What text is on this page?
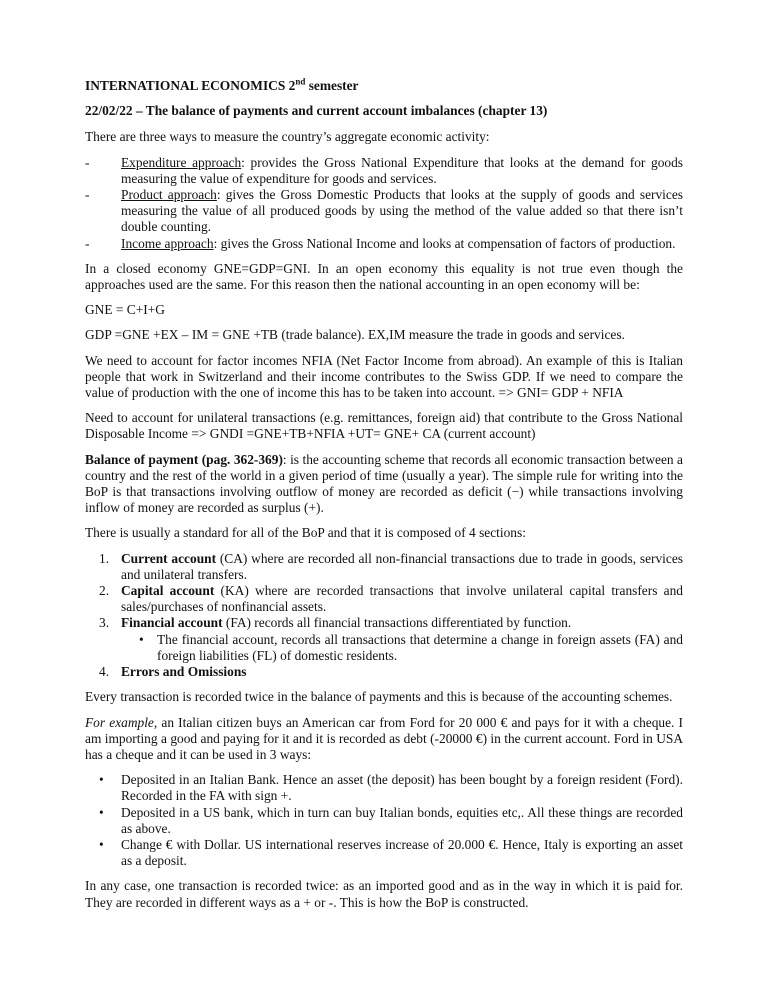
INTERNATIONAL ECONOMICS 2nd semester

22/02/22 – The balance of payments and current account imbalances (chapter 13)

There are three ways to measure the country’s aggregate economic activity:

- Expenditure approach: provides the Gross National Expenditure that looks at the demand for goods measuring the value of expenditure for goods and services.
- Product approach: gives the Gross Domestic Products that looks at the supply of goods and services measuring the value of all produced goods by using the method of the value added so that there isn’t double counting.
- Income approach: gives the Gross National Income and looks at compensation of factors of production.

In a closed economy GNE=GDP=GNI. In an open economy this equality is not true even though the approaches used are the same. For this reason then the national accounting in an open economy will be:

GNE = C+I+G

GDP =GNE +EX – IM = GNE +TB (trade balance). EX,IM measure the trade in goods and services.

We need to account for factor incomes NFIA (Net Factor Income from abroad). An example of this is Italian people that work in Switzerland and their income contributes to the Swiss GDP. If we need to compare the value of production with the one of income this has to be taken into account. => GNI= GDP + NFIA

Need to account for unilateral transactions (e.g. remittances, foreign aid) that contribute to the Gross National Disposable Income => GNDI =GNE+TB+NFIA +UT= GNE+ CA (current account)

Balance of payment (pag. 362-369): is the accounting scheme that records all economic transaction between a country and the rest of the world in a given period of time (usually a year). The simple rule for writing into the BoP is that transactions involving outflow of money are recorded as deficit (−) while transactions involving inflow of money are recorded as surplus (+).

There is usually a standard for all of the BoP and that it is composed of 4 sections:

1. Current account (CA) where are recorded all non-financial transactions due to trade in goods, services and unilateral transfers.
2. Capital account (KA) where are recorded transactions that involve unilateral capital transfers and sales/purchases of nonfinancial assets.
3. Financial account (FA) records all financial transactions differentiated by function.
• The financial account, records all transactions that determine a change in foreign assets (FA) and foreign liabilities (FL) of domestic residents.
4. Errors and Omissions

Every transaction is recorded twice in the balance of payments and this is because of the accounting schemes.

For example, an Italian citizen buys an American car from Ford for 20 000 € and pays for it with a cheque. I am importing a good and paying for it and it is recorded as debt (-20000 €) in the current account. Ford in USA has a cheque and it can be used in 3 ways:

• Deposited in an Italian Bank. Hence an asset (the deposit) has been bought by a foreign resident (Ford). Recorded in the FA with sign +.
• Deposited in a US bank, which in turn can buy Italian bonds, equities etc,. All these things are recorded as above.
• Change € with Dollar. US international reserves increase of 20.000 €. Hence, Italy is exporting an asset as a deposit.

In any case, one transaction is recorded twice: as an imported good and as in the way in which it is paid for. They are recorded in different ways as a + or -. This is how the BoP is constructed.
